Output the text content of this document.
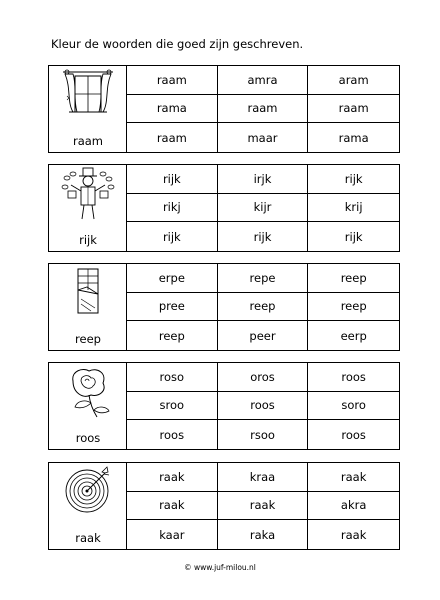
Kleur de woorden die goed zijn geschreven.
raam
raam	amra	aram
rama	raam	raam
raam	maar	rama
rijk
rijk	irjk	rijk
rikj	kijr	krij
rijk	rijk	rijk
reep
erpe	repe	reep
pree	reep	reep
reep	peer	eerp
roos
roso	oros	roos
sroo	roos	soro
roos	rsoo	roos
raak
raak	kraa	raak
raak	raak	akra
kaar	raka	raak
© www.juf-milou.nl
